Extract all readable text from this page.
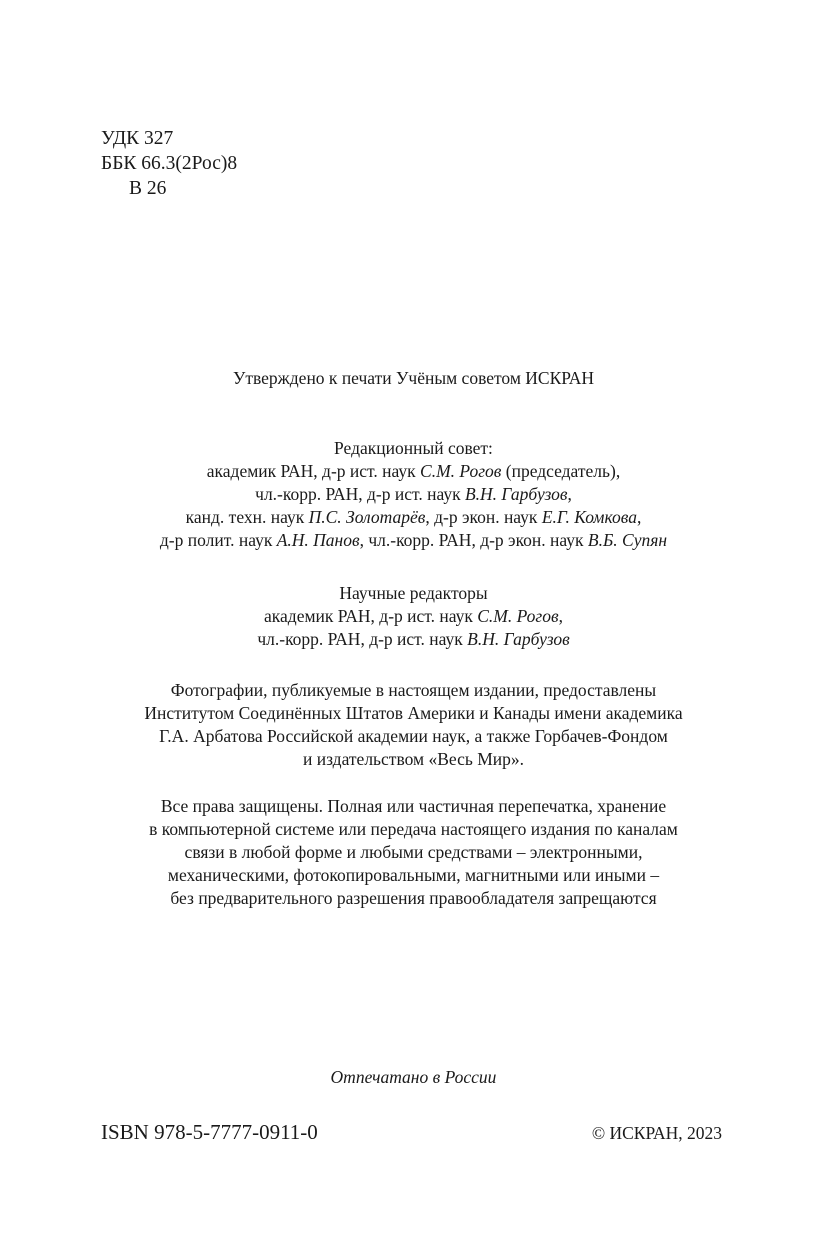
УДК 327
ББК 66.3(2Рос)8
В 26
Утверждено к печати Учёным советом ИСКРАН
Редакционный совет:
академик РАН, д-р ист. наук С.М. Рогов (председатель),
чл.-корр. РАН, д-р ист. наук В.Н. Гарбузов,
канд. техн. наук П.С. Золотарёв, д-р экон. наук Е.Г. Комкова,
д-р полит. наук А.Н. Панов, чл.-корр. РАН, д-р экон. наук В.Б. Супян
Научные редакторы
академик РАН, д-р ист. наук С.М. Рогов,
чл.-корр. РАН, д-р ист. наук В.Н. Гарбузов
Фотографии, публикуемые в настоящем издании, предоставлены
Институтом Соединённых Штатов Америки и Канады имени академика
Г.А. Арбатова Российской академии наук, а также Горбачев-Фондом
и издательством «Весь Мир».
Все права защищены. Полная или частичная перепечатка, хранение
в компьютерной системе или передача настоящего издания по каналам
связи в любой форме и любыми средствами – электронными,
механическими, фотокопировальными, магнитными или иными –
без предварительного разрешения правообладателя запрещаются
Отпечатано в России
ISBN 978-5-7777-0911-0	© ИСКРАН, 2023
